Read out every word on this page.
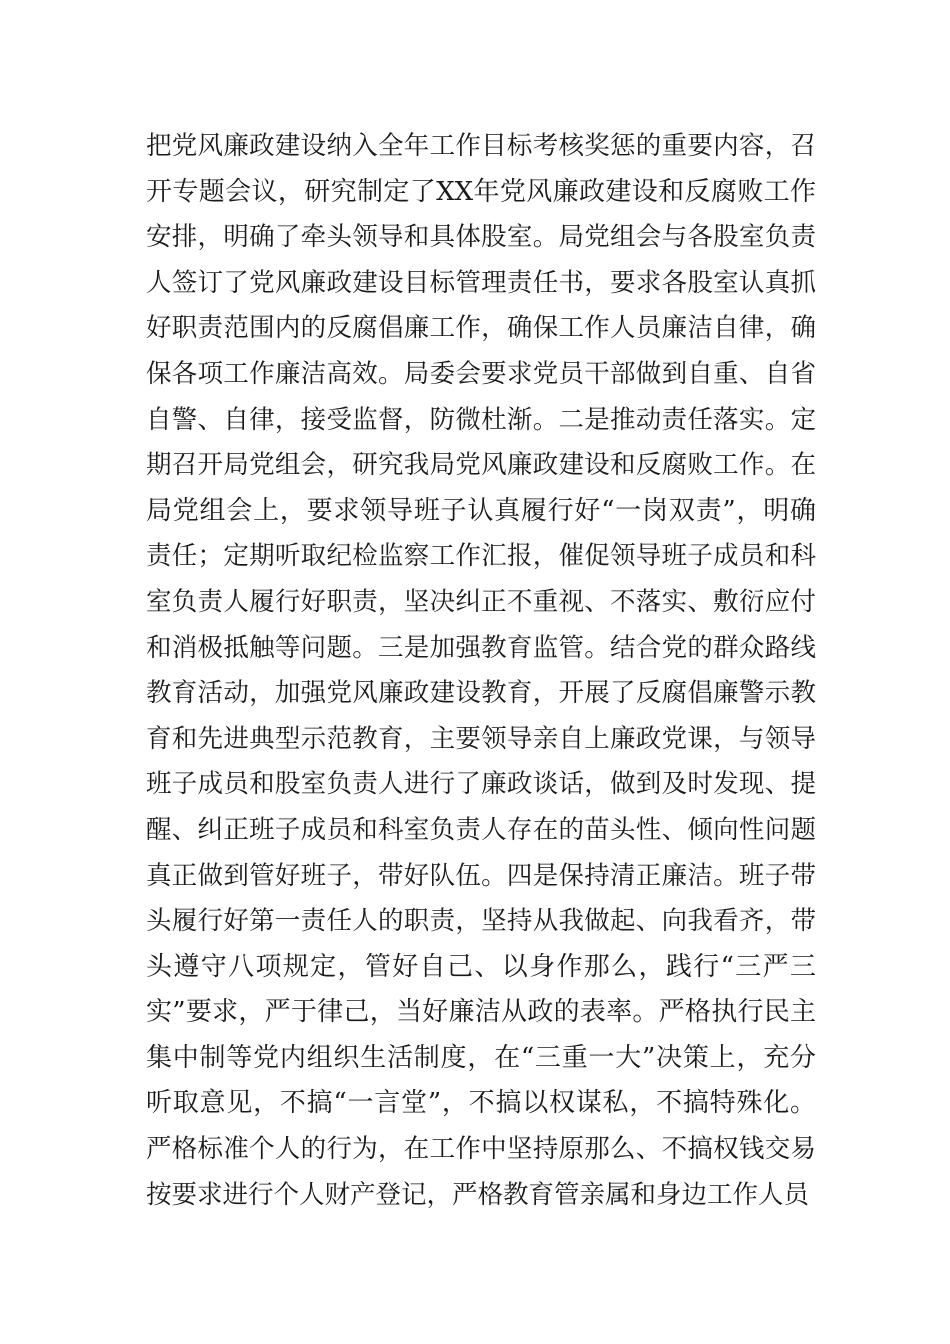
把党风廉政建设纳入全年工作目标考核奖惩的重要内容，召
开专题会议，研究制定了XX年党风廉政建设和反腐败工作
安排，明确了牵头领导和具体股室。局党组会与各股室负责
人签订了党风廉政建设目标管理责任书，要求各股室认真抓
好职责范围内的反腐倡廉工作，确保工作人员廉洁自律，确
保各项工作廉洁高效。局委会要求党员干部做到自重、自省
自警、自律，接受监督，防微杜渐。二是推动责任落实。定
期召开局党组会，研究我局党风廉政建设和反腐败工作。在
局党组会上，要求领导班子认真履行好“一岗双责”，明确
责任；定期听取纪检监察工作汇报，催促领导班子成员和科
室负责人履行好职责，坚决纠正不重视、不落实、敷衍应付
和消极抵触等问题。三是加强教育监管。结合党的群众路线
教育活动，加强党风廉政建设教育，开展了反腐倡廉警示教
育和先进典型示范教育，主要领导亲自上廉政党课，与领导
班子成员和股室负责人进行了廉政谈话，做到及时发现、提
醒、纠正班子成员和科室负责人存在的苗头性、倾向性问题
真正做到管好班子，带好队伍。四是保持清正廉洁。班子带
头履行好第一责任人的职责，坚持从我做起、向我看齐，带
头遵守八项规定，管好自己、以身作那么，践行“三严三
实”要求，严于律己，当好廉洁从政的表率。严格执行民主
集中制等党内组织生活制度，在“三重一大”决策上，充分
听取意见，不搞“一言堂”，不搞以权谋私，不搞特殊化。
严格标准个人的行为，在工作中坚持原那么、不搞权钱交易
按要求进行个人财产登记，严格教育管亲属和身边工作人员
